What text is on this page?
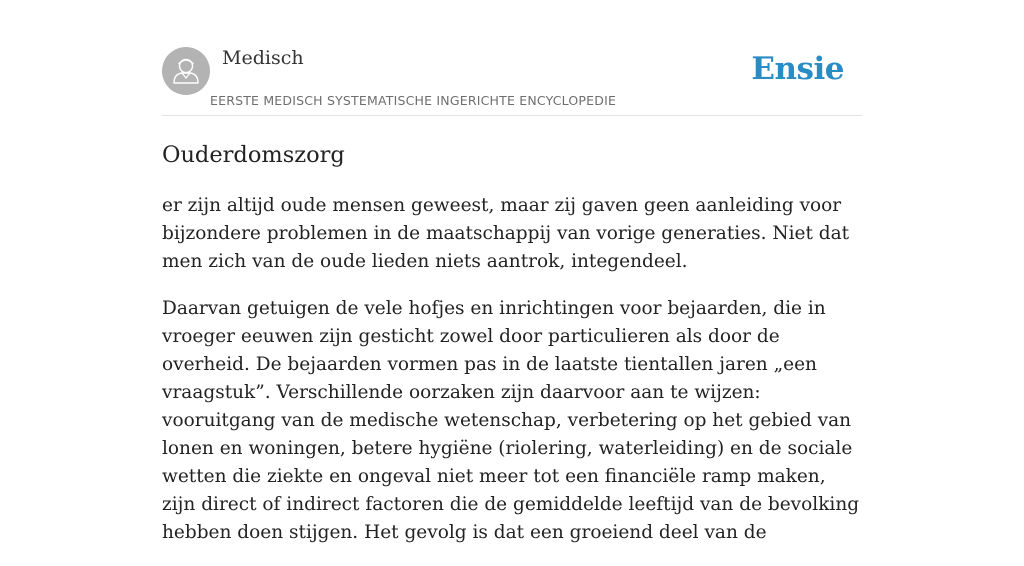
Medisch
EERSTE MEDISCH SYSTEMATISCHE INGERICHTE ENCYCLOPEDIE
Ensie
Ouderdomszorg

er zijn altijd oude mensen geweest, maar zij gaven geen aanleiding voor bijzondere problemen in de maatschappij van vorige generaties. Niet dat men zich van de oude lieden niets aantrok, integendeel.

Daarvan getuigen de vele hofjes en inrichtingen voor bejaarden, die in vroeger eeuwen zijn gesticht zowel door particulieren als door de overheid. De bejaarden vormen pas in de laatste tientallen jaren „een vraagstuk”. Verschillende oorzaken zijn daarvoor aan te wijzen: vooruitgang van de medische wetenschap, verbetering op het gebied van lonen en woningen, betere hygiëne (riolering, waterleiding) en de sociale wetten die ziekte en ongeval niet meer tot een financiële ramp maken, zijn direct of indirect factoren die de gemiddelde leeftijd van de bevolking hebben doen stijgen. Het gevolg is dat een groeiend deel van de
